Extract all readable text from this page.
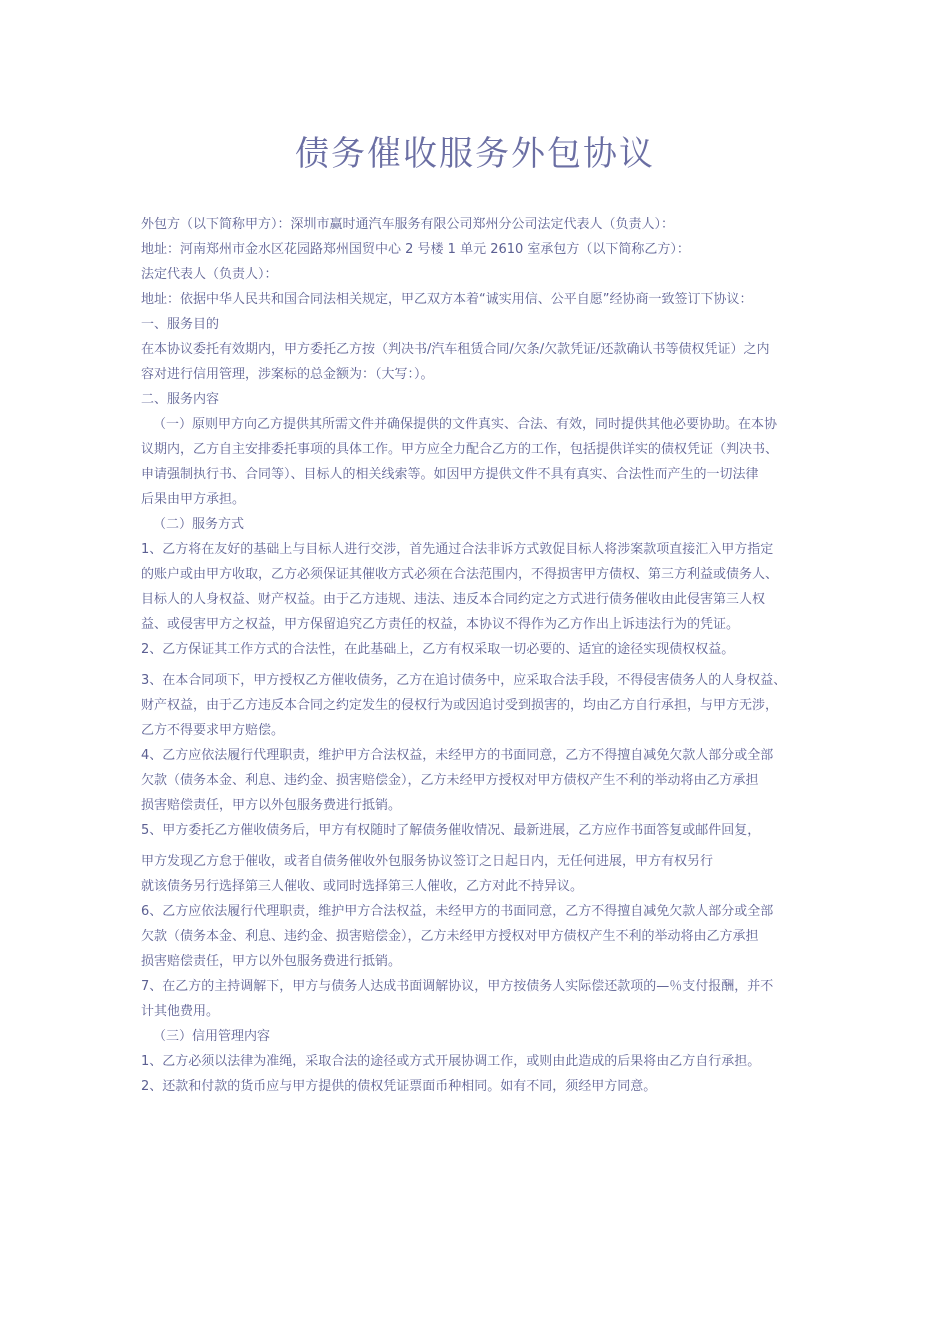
债务催收服务外包协议
外包方（以下简称甲方）：深圳市赢时通汽车服务有限公司郑州分公司法定代表人（负责人）：
地址：河南郑州市金水区花园路郑州国贸中心 2 号楼 1 单元 2610 室承包方（以下简称乙方）：
法定代表人（负责人）：
地址：依据中华人民共和国合同法相关规定，甲乙双方本着“诚实用信、公平自愿”经协商一致签订下协议：
一、服务目的
在本协议委托有效期内，甲方委托乙方按（判决书/汽车租赁合同/欠条/欠款凭证/还款确认书等债权凭证）之内
容对进行信用管理，涉案标的总金额为：（大写：）。
二、服务内容
（一）原则甲方向乙方提供其所需文件并确保提供的文件真实、合法、有效，同时提供其他必要协助。在本协
议期内，乙方自主安排委托事项的具体工作。甲方应全力配合乙方的工作，包括提供详实的债权凭证（判决书、
申请强制执行书、合同等）、目标人的相关线索等。如因甲方提供文件不具有真实、合法性而产生的一切法律
后果由甲方承担。
（二）服务方式
1、乙方将在友好的基础上与目标人进行交涉，首先通过合法非诉方式敦促目标人将涉案款项直接汇入甲方指定
的账户或由甲方收取，乙方必须保证其催收方式必须在合法范围内，不得损害甲方债权、第三方利益或债务人、
目标人的人身权益、财产权益。由于乙方违规、违法、违反本合同约定之方式进行债务催收由此侵害第三人权
益、或侵害甲方之权益，甲方保留追究乙方责任的权益，本协议不得作为乙方作出上诉违法行为的凭证。
2、乙方保证其工作方式的合法性，在此基础上，乙方有权采取一切必要的、适宜的途径实现债权权益。
3、在本合同项下，甲方授权乙方催收债务，乙方在追讨债务中，应采取合法手段，不得侵害债务人的人身权益、
财产权益，由于乙方违反本合同之约定发生的侵权行为或因追讨受到损害的，均由乙方自行承担，与甲方无涉，
乙方不得要求甲方赔偿。
4、乙方应依法履行代理职责，维护甲方合法权益，未经甲方的书面同意，乙方不得擅自减免欠款人部分或全部
欠款（债务本金、利息、违约金、损害赔偿金），乙方未经甲方授权对甲方债权产生不利的举动将由乙方承担
损害赔偿责任，甲方以外包服务费进行抵销。
5、甲方委托乙方催收债务后，甲方有权随时了解债务催收情况、最新进展，乙方应作书面答复或邮件回复，
甲方发现乙方怠于催收，或者自债务催收外包服务协议签订之日起日内，无任何进展，甲方有权另行
就该债务另行选择第三人催收、或同时选择第三人催收，乙方对此不持异议。
6、乙方应依法履行代理职责，维护甲方合法权益，未经甲方的书面同意，乙方不得擅自减免欠款人部分或全部
欠款（债务本金、利息、违约金、损害赔偿金），乙方未经甲方授权对甲方债权产生不利的举动将由乙方承担
损害赔偿责任，甲方以外包服务费进行抵销。
7、在乙方的主持调解下，甲方与债务人达成书面调解协议，甲方按债务人实际偿还款项的—％支付报酬，并不
计其他费用。
（三）信用管理内容
1、乙方必须以法律为准绳，采取合法的途径或方式开展协调工作，或则由此造成的后果将由乙方自行承担。
2、还款和付款的货币应与甲方提供的债权凭证票面币种相同。如有不同，须经甲方同意。
